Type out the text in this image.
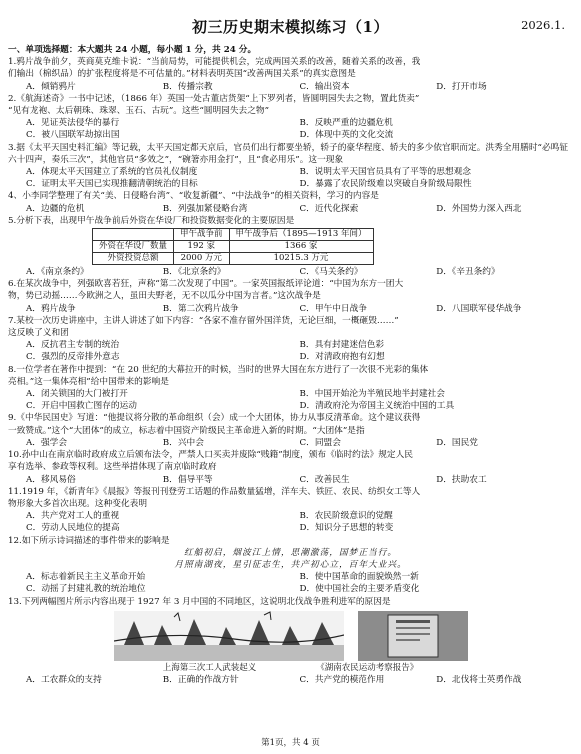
初三历史期末模拟练习（1）	2026.1.
一、单项选择题：本大题共 24 小题，每小题 1 分，共 24 分。

1.鸦片战争前夕，英商莫克维卡说：“当前局势，可能提供机会，完成两国关系的改善，随着关系的改善，我

们输出（棉织品）的扩张程度将是不可估量的。”材料表明英国“改善两国关系”的真实意图是

A．倾销鸦片	B．传播宗教	C．输出资本	D．打开市场

2.《航海述奇》一书中记述，（1866 年）英国一处古董店货架“上下罗列者，皆圆明园失去之物，置此货卖”

“见有龙袍、太后朝珠、珠翠、玉石、古玩”。这些“圆明园失去之物”

A．见证英法侵华的暴行	B．反映严重的边疆危机
C．被八国联军劫掠出国	D．体现中英的文化交流

3.据《太平天国史料汇编》等记载，太平天国定都天京后，官员们出行都要坐轿，轿子的豪华程度、轿夫的多少依官职而定。洪秀全用膳时“必鸣钲六十四声，奏乐三次”，其他官员“多效之”，“碗箸亦用金打”，且“食必用乐”。这一现象

A．体现太平天国建立了系统的官员礼仪制度	B．说明太平天国官员具有了平等的思想观念
C．证明太平天国已实现推翻清朝统治的目标	D．暴露了农民阶级难以突破自身阶级局限性

4、小李同学整理了有关“美、日侵略台湾”、“收复新疆”、“中法战争”的相关资料，学习的内容是

A．边疆的危机	B．列强加紧侵略台湾	C．近代化探索	D．外国势力深入西北

5.分析下表，出现甲午战争前后外资在华设厂和投资数据变化的主要原因是

	甲午战争前	甲午战争后（1895—1913 年间）
外资在华设厂数量	192 家	1366 家
外资投资总额	2000 万元	10215.3 万元
A．《南京条约》	B．《北京条约》	C．《马关条约》	D．《辛丑条约》

6.在某次战争中，列强欧喜若狂，声称“第二次发现了中国”。一家英国报纸评论道：“中国为东方一团大

物，势已动摇……今欧洲之人，虽田夫野老，无不以瓜分中国为言者。”这次战争是

A．鸦片战争	B．第二次鸦片战争	C．甲午中日战争	D．八国联军侵华战争

7.某校一次历史讲座中，主讲人讲述了如下内容：“各家不准存留外国洋货，无论巨细，一概砸毁……”

这反映了义和团

A．反抗君主专制的统治	B．具有封建迷信色彩
C．强烈的反帝排外意志	D．对清政府抱有幻想

8.一位学者在著作中提到：“在 20 世纪的大幕拉开的时候，当时的世界大国在东方进行了一次很不光彩的集体

亮相。”这一集体亮相”给中国带来的影响是

A．闭关锁国的大门被打开	B．中国开始沦为半殖民地半封建社会
C．开启中国救亡图存的运动	D．清政府沦为帝国主义统治中国的工具

9.《中华民国史》写道：“他提议将分散的革命组织（会）成一个大团体，协力从事反清革命。这个建议获得

一致赞成。”这个“大团体”的成立，标志着中国资产阶级民主革命进入新的时期。“大团体”是指

A．强学会	B．兴中会	C．同盟会	D．国民党

10.孙中山在南京临时政府成立后颁布法令，严禁人口买卖并废除“贱籍”制度，颁布《临时约法》规定人民

享有选举、参政等权利。这些举措体现了南京临时政府

A．移风易俗	B．倡导平等	C．改善民生	D．扶助农工

11.1919 年，《新青年》《晨报》等报刊刊登劳工话题的作品数量猛增，洋车夫、铁匠、农民、纺织女工等人

物形象大多首次出现。这种变化表明

A．共产党对工人的重视	B．农民阶级意识的觉醒
C．劳动人民地位的提高	D．知识分子思想的转变

12.如下所示诗词描述的事件带来的影响是

红船初启，烟波江上情，思潮激荡，国梦正当行。

月照南湖夜，星引征志生，共产初心立，百年大业兴。

A．标志着新民主主义革命开始	B．使中国革命的面貌焕然一新
C．动摇了封建礼教的统治地位	D．使中国社会的主要矛盾变化

13.下列两幅图片所示内容出现于 1927 年 3 月中国的不同地区，这说明北伐战争胜利进军的原因是

上海第三次工人武装起义	《湖南农民运动考察报告》
A．工农群众的支持	B．正确的作战方针	C．共产党的模范作用	D．北伐将士英勇作战
第1页，共 4 页
